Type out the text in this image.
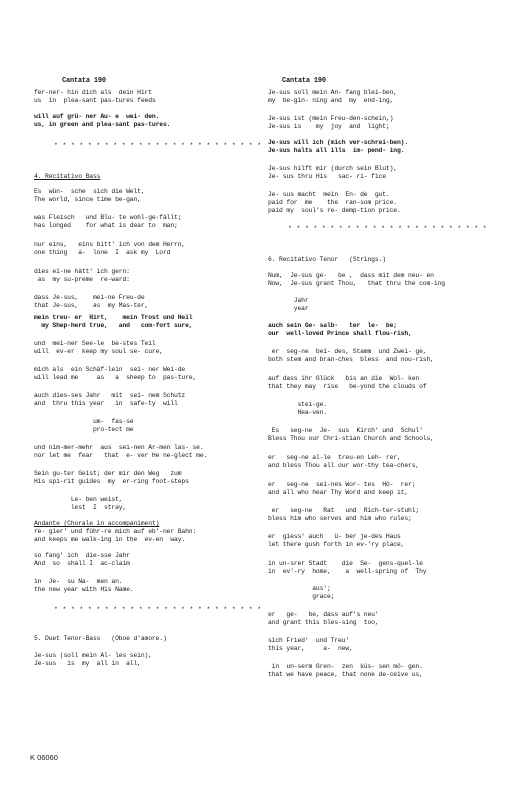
Cantata 190
fer-ner- hin dich als  dein Hirt
us  in  plea-sant pas-tures feeds
will auf grü- ner Au- e  wei- den.
us, in green and plea-sant pas-tures.
* * * * * * * * * * * * * * * * * * * * * * * * *
4. Recitativo Bass
Es  wün-  sche  sich die Welt,
The world, since time be-gan,
was Fleisch   und Blu- te wohl-ge-fällt;
has longed    for what is dear to  man;
nur eins,   eins bitt' ich von dem Herrn,
one thing   a-  lone  I  ask my  Lord
dies ei-ne hätt' ich gern:
as  my su-preme  re-ward:
dass Je-sus,    mei-ne Freu-de
that Je-sus,    as  my Mas-ter,
mein treu- er  Hirt,    mein Trost und Heil
my Shep-herd true,   and   com-fort sure,
und  mei-ner See-le  be-stes Teil
will  ev-er  keep my soul se- cure,
mich als  ein Schäf-lein  sei- ner Wei-de
will lead me     as   a  sheep to  pas-ture,
auch dies-ses Jahr   mit  sei- nem Schutz
and  thru this year   in  safe-ty  will
um-  fas-se
pro-tect me
und nim-mer-mehr  aus  sei-nen Ar-men las- se.
nor let me  fear   that  e- ver He ne-glect me.
Sein gu-ter Geist; der mir den Weg   zum
His spi-rit guides  my  er-ring foot-steps
Le- ben weist,
lest  I  stray,
Andante (Chorale in accompaniment)
re- gier' und führ-re mich auf eb'-ner Bahn:
and keeps me walk-ing in the  ev-en  way.
so fang' ich  die-sse Jahr
And  so  shall I  ac-claim
in  Je-  su Na-  men an.
the new year with His Name.
* * * * * * * * * * * * * * * * * * * * * * * * *
5. Duet Tenor-Bass   (Oboe d'amore.)
Je-sus (soll mein Al- les sein),
Je-sus   is  my  all in  all,
Cantata 190
Je-sus soll mein An- fang blei-ben,
my  be-gin- ning and  my  end-ing,
Je-sus ist (mein Freu-den-schein,)
Je-sus is    my  joy  and  light;
Je-sus will ich (mich ver-schrei-ben).
Je-sus halts all ills  im- pend- ing.
Je-sus hilft mir (durch sein Blut),
Je- sus thru His   sac- ri- fice
Je- sus macht  mein  En- de  gut.
paid for  me    the  ran-som price.
paid my  soul's re- demp-tion price.
* * * * * * * * * * * * * * * * * * * * * * * *
6. Recitativo Tenor   (Strings.)
Num,  Je-sus ge-   be ,  dass mit dem neu- en
Now,  Je-sus grant Thou,   that thru the com-ing
Jahr
year
auch sein Ge- salb-   ter  le-  be;
our  well-loved Prince shall flou-rish,
er  seg-ne  bei- des, Stamm  und Zwei- ge,
both stem and bran-ches  bless  and nou-rish,
auf dass ihr Glück   bis an die  Wol- ken
that they may  rise   be-yond the clouds of
stei-ge.
Hea-ven.
Es   seg-ne  Je-  sus  Kirch' und  Schul'
Bless Thou our Chri-stian Church and Schools,
er   seg-ne al-le  treu-en Leh- rer,
and bless Thou all our wor-thy tea-chers,
er   seg-ne  sei-nes Wor- tes  Hö-  rer;
and all who hear Thy Word and keep it,
er   seg-ne   Rat   und  Rich-ter-stuhl;
bless him who serves and him who rules;
er  giess' auch   ü- ber je-des Haus
let there gush forth in ev-'ry place,
in un-srer Stadt    die  Se-  gens-quel-le
in  ev'-ry  home,    a  well-spring of  Thy
aus';
grace;
er   ge-   be, dass auf's neu'
and grant this bles-sing  too,
sich Fried'  und Treu'
this year,     a-  new,
in  un-serm Gren-  zen  küs- sen mö- gen.
that we have peace, that none de-ceive us,
K 06060
